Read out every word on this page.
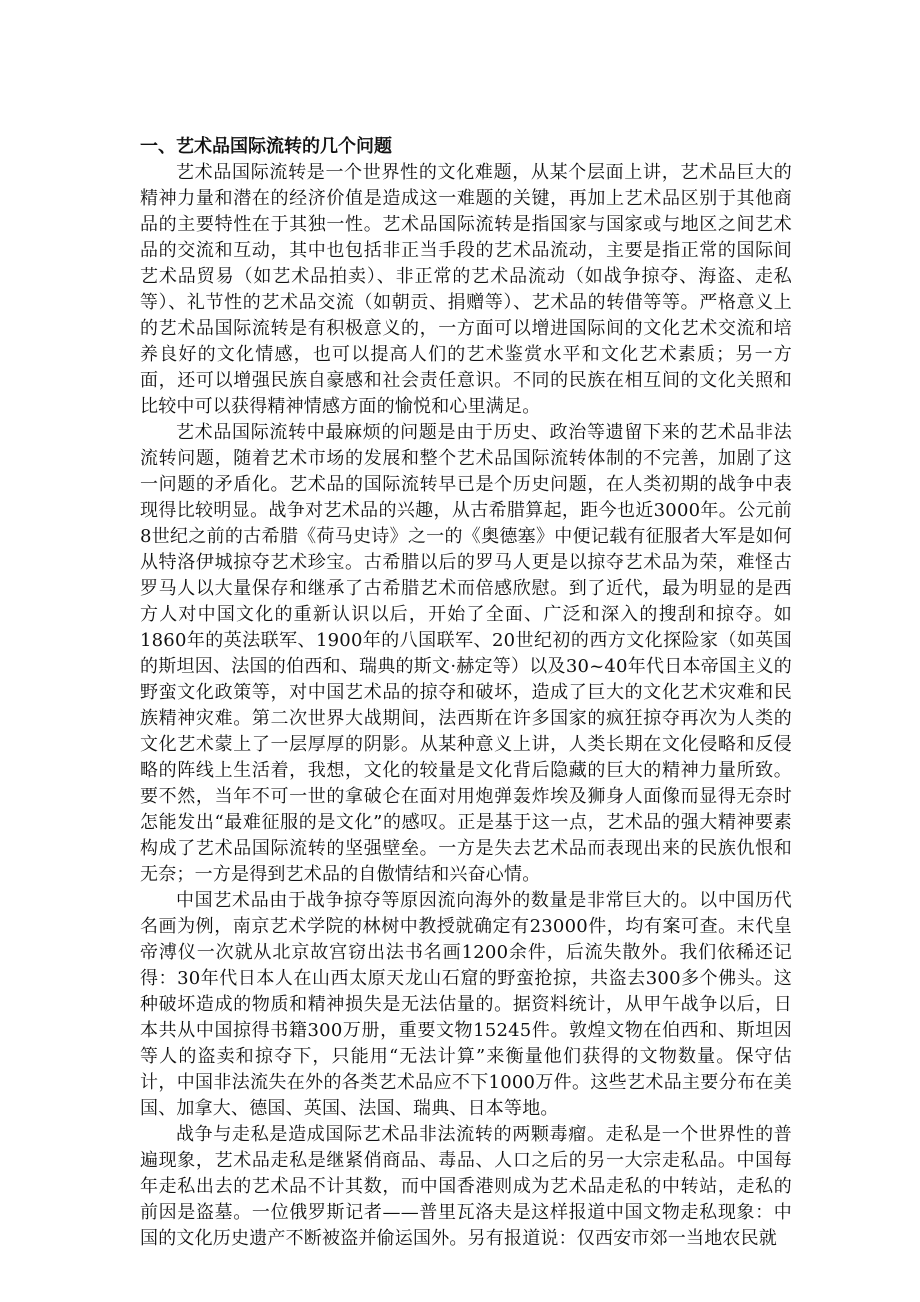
一、艺术品国际流转的几个问题

艺术品国际流转是一个世界性的文化难题，从某个层面上讲，艺术品巨大的精神力量和潜在的经济价值是造成这一难题的关键，再加上艺术品区别于其他商品的主要特性在于其独一性。艺术品国际流转是指国家与国家或与地区之间艺术品的交流和互动，其中也包括非正当手段的艺术品流动，主要是指正常的国际间艺术品贸易（如艺术品拍卖）、非正常的艺术品流动（如战争掠夺、海盗、走私等）、礼节性的艺术品交流（如朝贡、捐赠等）、艺术品的转借等等。严格意义上的艺术品国际流转是有积极意义的，一方面可以增进国际间的文化艺术交流和培养良好的文化情感，也可以提高人们的艺术鉴赏水平和文化艺术素质；另一方面，还可以增强民族自豪感和社会责任意识。不同的民族在相互间的文化关照和比较中可以获得精神情感方面的愉悦和心里满足。

艺术品国际流转中最麻烦的问题是由于历史、政治等遗留下来的艺术品非法流转问题，随着艺术市场的发展和整个艺术品国际流转体制的不完善，加剧了这一问题的矛盾化。艺术品的国际流转早已是个历史问题，在人类初期的战争中表现得比较明显。战争对艺术品的兴趣，从古希腊算起，距今也近3000年。公元前8世纪之前的古希腊《荷马史诗》之一的《奥德塞》中便记载有征服者大军是如何从特洛伊城掠夺艺术珍宝。古希腊以后的罗马人更是以掠夺艺术品为荣，难怪古罗马人以大量保存和继承了古希腊艺术而倍感欣慰。到了近代，最为明显的是西方人对中国文化的重新认识以后，开始了全面、广泛和深入的搜刮和掠夺。如1860年的英法联军、1900年的八国联军、20世纪初的西方文化探险家（如英国的斯坦因、法国的伯西和、瑞典的斯文·赫定等）以及30~40年代日本帝国主义的野蛮文化政策等，对中国艺术品的掠夺和破坏，造成了巨大的文化艺术灾难和民族精神灾难。第二次世界大战期间，法西斯在许多国家的疯狂掠夺再次为人类的文化艺术蒙上了一层厚厚的阴影。从某种意义上讲，人类长期在文化侵略和反侵略的阵线上生活着，我想，文化的较量是文化背后隐藏的巨大的精神力量所致。要不然，当年不可一世的拿破仑在面对用炮弹轰炸埃及狮身人面像而显得无奈时怎能发出“最难征服的是文化”的感叹。正是基于这一点，艺术品的强大精神要素构成了艺术品国际流转的坚强壁垒。一方是失去艺术品而表现出来的民族仇恨和无奈；一方是得到艺术品的自傲情结和兴奋心情。

中国艺术品由于战争掠夺等原因流向海外的数量是非常巨大的。以中国历代名画为例，南京艺术学院的林树中教授就确定有23000件，均有案可查。末代皇帝溥仪一次就从北京故宫窃出法书名画1200余件，后流失散外。我们依稀还记得：30年代日本人在山西太原天龙山石窟的野蛮抢掠，共盗去300多个佛头。这种破坏造成的物质和精神损失是无法估量的。据资料统计，从甲午战争以后，日本共从中国掠得书籍300万册，重要文物15245件。敦煌文物在伯西和、斯坦因等人的盗卖和掠夺下，只能用“无法计算”来衡量他们获得的文物数量。保守估计，中国非法流失在外的各类艺术品应不下1000万件。这些艺术品主要分布在美国、加拿大、德国、英国、法国、瑞典、日本等地。

战争与走私是造成国际艺术品非法流转的两颗毒瘤。走私是一个世界性的普遍现象，艺术品走私是继紧俏商品、毒品、人口之后的另一大宗走私品。中国每年走私出去的艺术品不计其数，而中国香港则成为艺术品走私的中转站，走私的前因是盗墓。一位俄罗斯记者——普里瓦洛夫是这样报道中国文物走私现象：中国的文化历史遗产不断被盗并偷运国外。另有报道说：仅西安市郊一当地农民就
